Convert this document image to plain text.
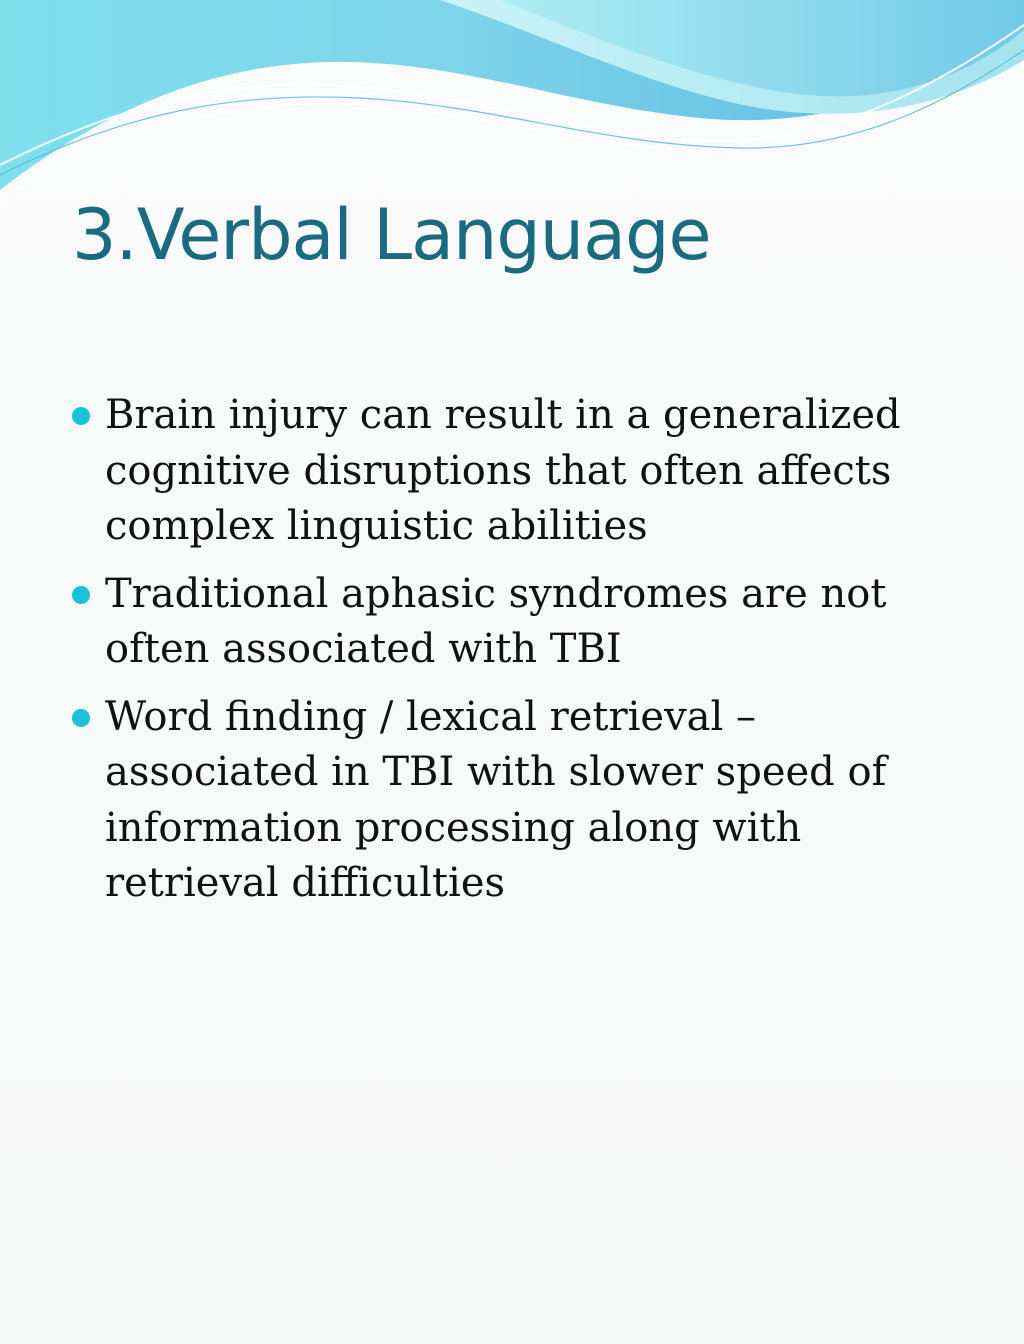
3.Verbal Language
Brain injury can result in a generalized
cognitive disruptions that often affects
complex linguistic abilities
Traditional aphasic syndromes are not
often associated with TBI
Word finding / lexical retrieval –
associated in TBI with slower speed of
information processing along with
retrieval difficulties
